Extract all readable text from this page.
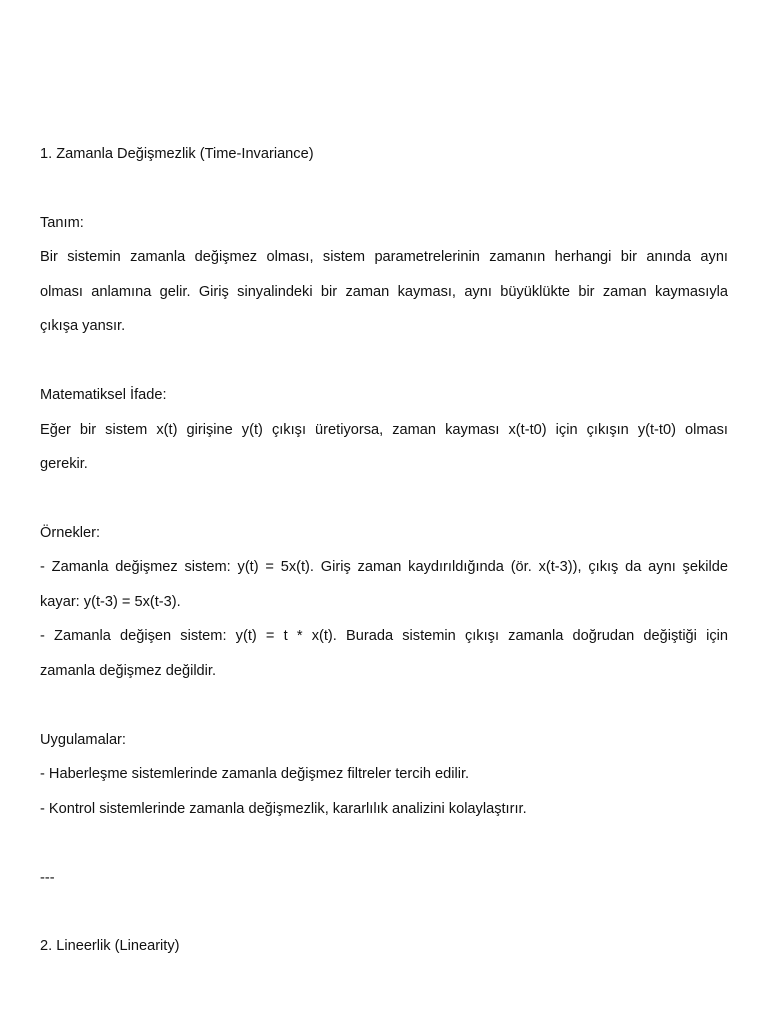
1. Zamanla Değişmezlik (Time-Invariance)
Tanım:
Bir sistemin zamanla değişmez olması, sistem parametrelerinin zamanın herhangi bir anında aynı
olması anlamına gelir. Giriş sinyalindeki bir zaman kayması, aynı büyüklükte bir zaman kaymasıyla
çıkışa yansır.
Matematiksel İfade:
Eğer bir sistem x(t) girişine y(t) çıkışı üretiyorsa, zaman kayması x(t-t0) için çıkışın y(t-t0) olması
gerekir.
Örnekler:
- Zamanla değişmez sistem: y(t) = 5x(t). Giriş zaman kaydırıldığında (ör. x(t-3)), çıkış da aynı şekilde
kayar: y(t-3) = 5x(t-3).
- Zamanla değişen sistem: y(t) = t * x(t). Burada sistemin çıkışı zamanla doğrudan değiştiği için
zamanla değişmez değildir.
Uygulamalar:
- Haberleşme sistemlerinde zamanla değişmez filtreler tercih edilir.
- Kontrol sistemlerinde zamanla değişmezlik, kararlılık analizini kolaylaştırır.
---
2. Lineerlik (Linearity)
